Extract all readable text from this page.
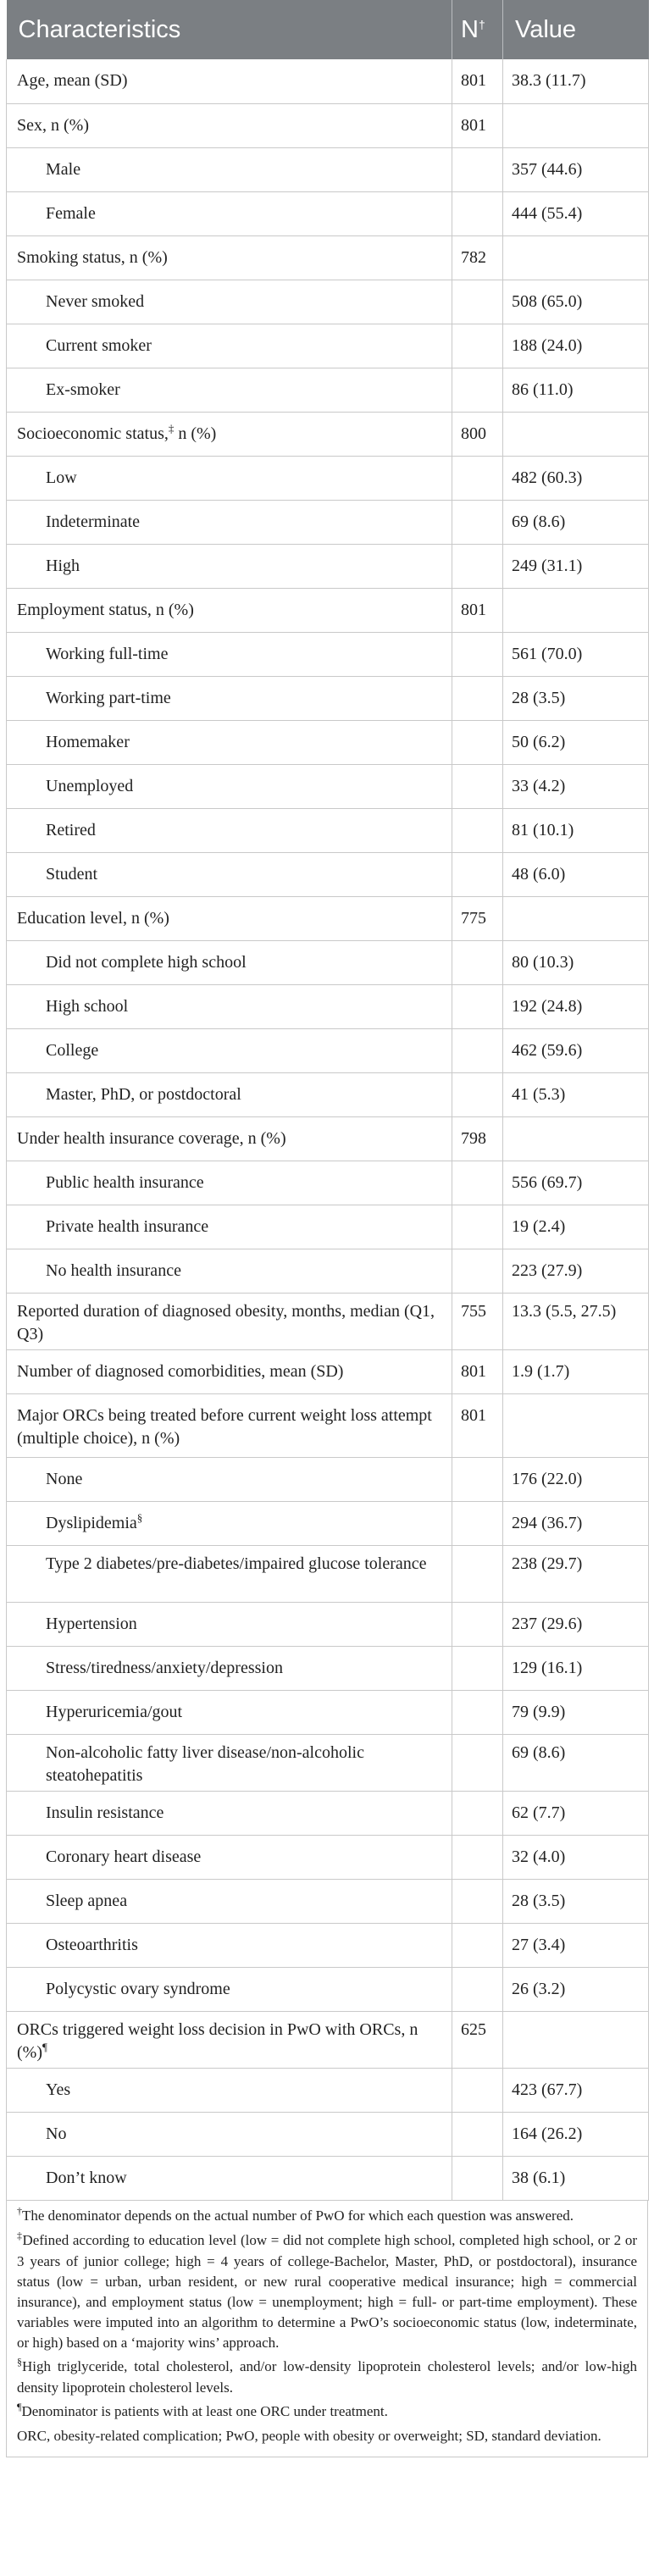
Characteristics	N†	Value
Age, mean (SD)	801	38.3 (11.7)
Sex, n (%)	801	
Male		357 (44.6)
Female		444 (55.4)
Smoking status, n (%)	782	
Never smoked		508 (65.0)
Current smoker		188 (24.0)
Ex-smoker		86 (11.0)
Socioeconomic status,‡ n (%)	800	
Low		482 (60.3)
Indeterminate		69 (8.6)
High		249 (31.1)
Employment status, n (%)	801	
Working full-time		561 (70.0)
Working part-time		28 (3.5)
Homemaker		50 (6.2)
Unemployed		33 (4.2)
Retired		81 (10.1)
Student		48 (6.0)
Education level, n (%)	775	
Did not complete high school		80 (10.3)
High school		192 (24.8)
College		462 (59.6)
Master, PhD, or postdoctoral		41 (5.3)
Under health insurance coverage, n (%)	798	
Public health insurance		556 (69.7)
Private health insurance		19 (2.4)
No health insurance		223 (27.9)
Reported duration of diagnosed obesity, months, median (Q1, Q3)	755	13.3 (5.5, 27.5)
Number of diagnosed comorbidities, mean (SD)	801	1.9 (1.7)
Major ORCs being treated before current weight loss attempt (multiple choice), n (%)	801	
None		176 (22.0)
Dyslipidemia§		294 (36.7)
Type 2 diabetes/pre-diabetes/impaired glucose tolerance		238 (29.7)
Hypertension		237 (29.6)
Stress/tiredness/anxiety/depression		129 (16.1)
Hyperuricemia/gout		79 (9.9)
Non-alcoholic fatty liver disease/non-alcoholic steatohepatitis		69 (8.6)
Insulin resistance		62 (7.7)
Coronary heart disease		32 (4.0)
Sleep apnea		28 (3.5)
Osteoarthritis		27 (3.4)
Polycystic ovary syndrome		26 (3.2)
ORCs triggered weight loss decision in PwO with ORCs, n (%)¶	625	
Yes		423 (67.7)
No		164 (26.2)
Don’t know		38 (6.1)

†The denominator depends on the actual number of PwO for which each question was answered.

‡Defined according to education level (low = did not complete high school, completed high school, or 2 or 3 years of junior college; high = 4 years of college-Bachelor, Master, PhD, or postdoctoral), insurance status (low = urban, urban resident, or new rural cooperative medical insurance; high = commercial insurance), and employment status (low = unemployment; high = full- or part-time employment). These variables were imputed into an algorithm to determine a PwO’s socioeconomic status (low, indeterminate, or high) based on a ‘majority wins’ approach.

§High triglyceride, total cholesterol, and/or low-density lipoprotein cholesterol levels; and/or low-high density lipoprotein cholesterol levels.

¶Denominator is patients with at least one ORC under treatment.

ORC, obesity-related complication; PwO, people with obesity or overweight; SD, standard deviation.
